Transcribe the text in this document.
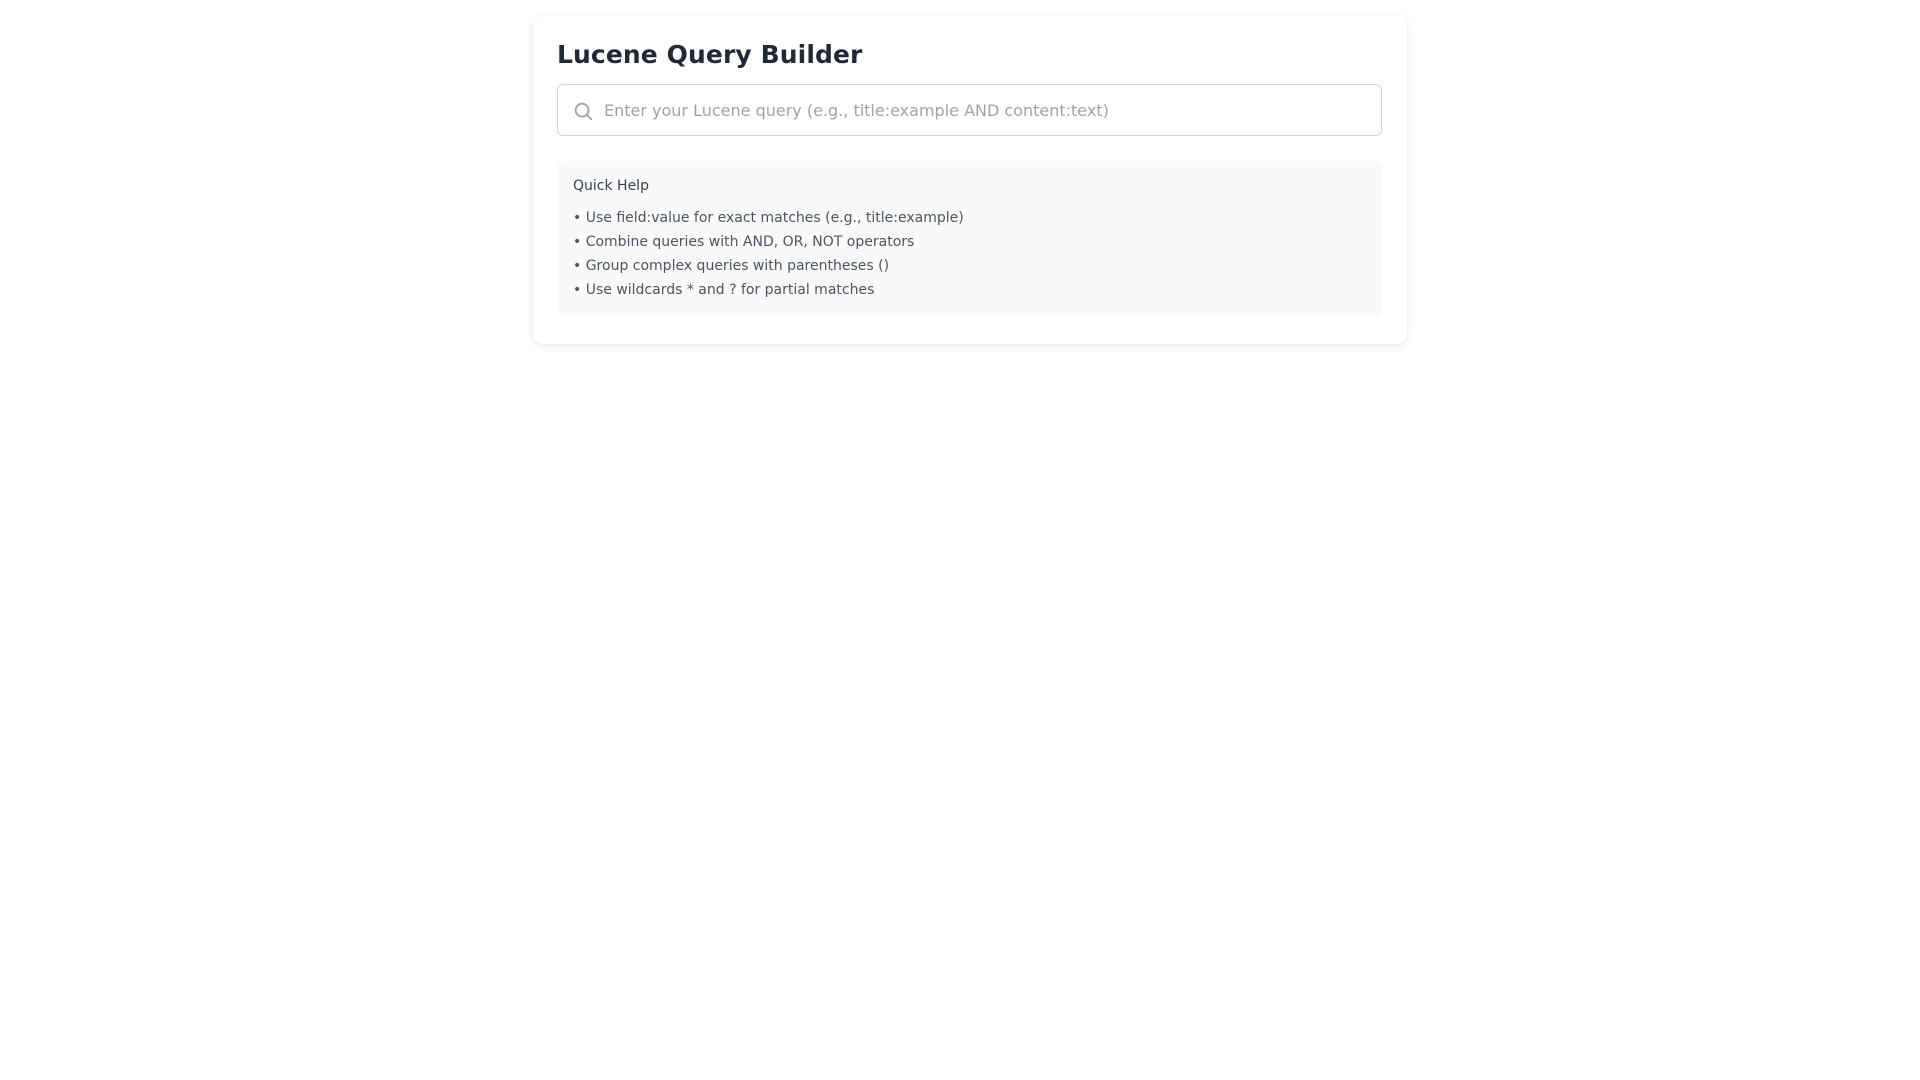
Lucene Query Builder
Enter your Lucene query (e.g., title:example AND content:text)

Quick Help

• Use field:value for exact matches (e.g., title:example)
• Combine queries with AND, OR, NOT operators
• Group complex queries with parentheses ()
• Use wildcards * and ? for partial matches
